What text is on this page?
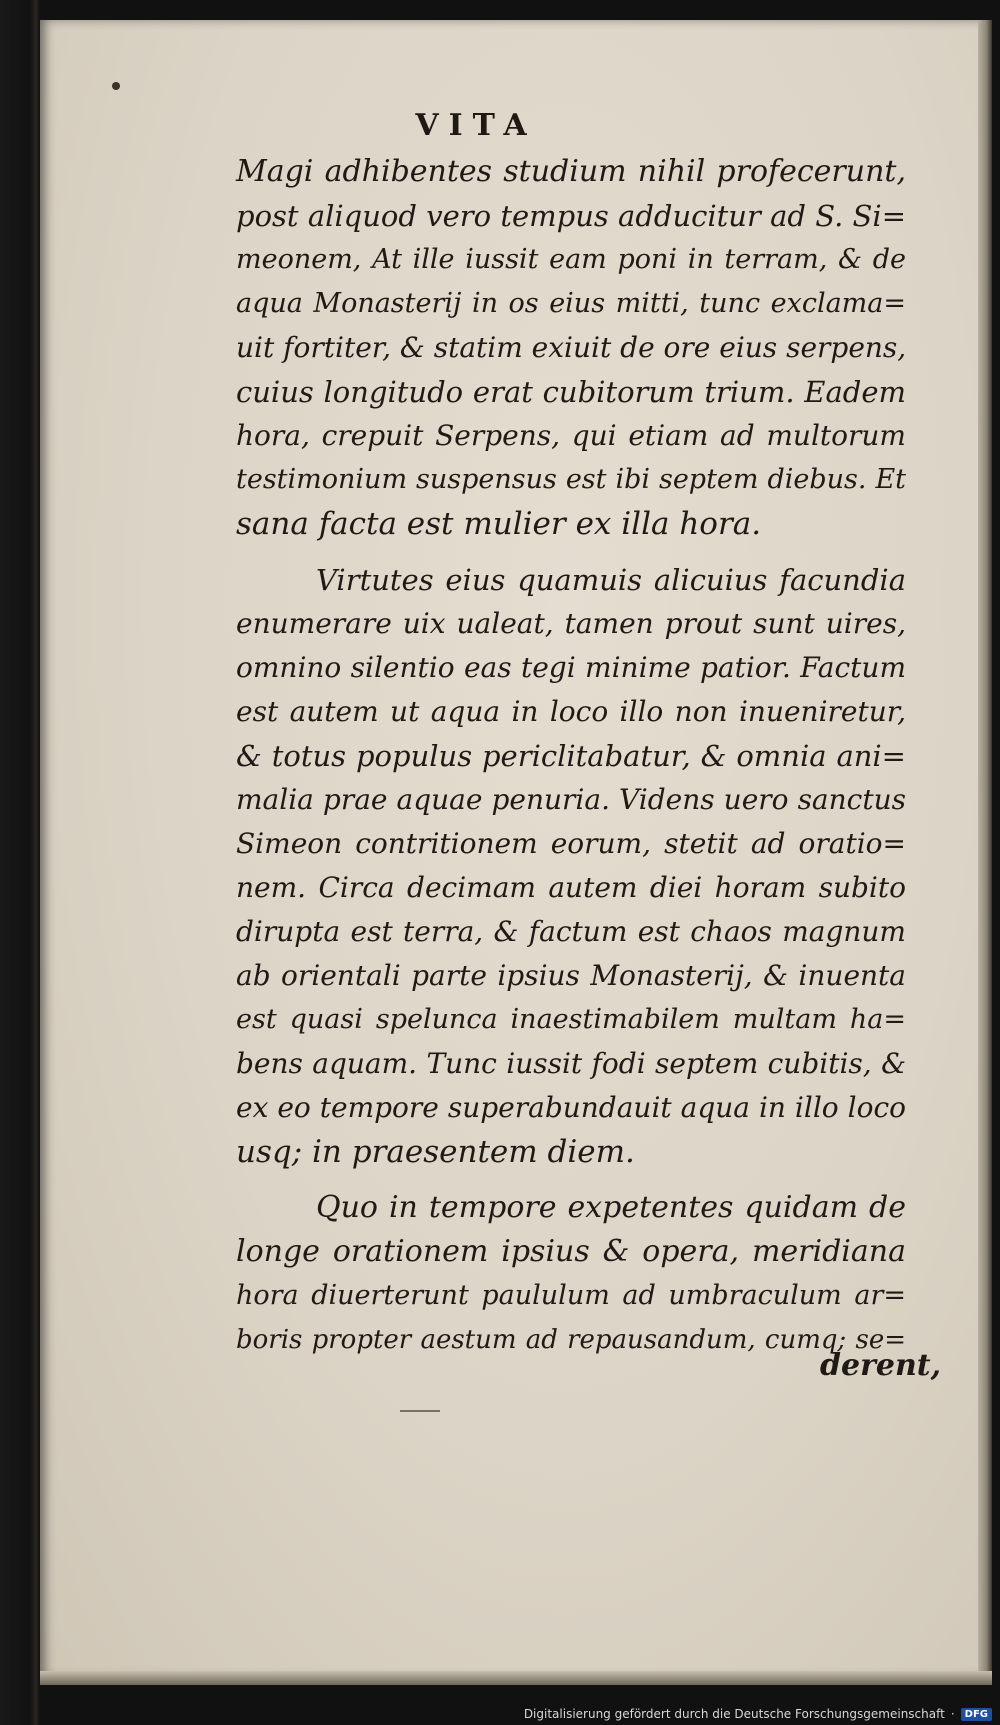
VITA
Magi adhibentes studium nihil profecerunt,
post aliquod vero tempus adducitur ad S. Si=
meonem, At ille iussit eam poni in terram, & de
aqua Monasterij in os eius mitti, tunc exclama=
uit fortiter, & statim exiuit de ore eius serpens,
cuius longitudo erat cubitorum trium. Eadem
hora, crepuit Serpens, qui etiam ad multorum
testimonium suspensus est ibi septem diebus. Et
sana facta est mulier ex illa hora.
Virtutes eius quamuis alicuius facundia
enumerare uix ualeat, tamen prout sunt uires,
omnino silentio eas tegi minime patior. Factum
est autem ut aqua in loco illo non inueniretur,
& totus populus periclitabatur, & omnia ani=
malia prae aquae penuria. Videns uero sanctus
Simeon contritionem eorum, stetit ad oratio=
nem. Circa decimam autem diei horam subito
dirupta est terra, & factum est chaos magnum
ab orientali parte ipsius Monasterij, & inuenta
est quasi spelunca inaestimabilem multam ha=
bens aquam. Tunc iussit fodi septem cubitis, &
ex eo tempore superabundauit aqua in illo loco
usq; in praesentem diem.
Quo in tempore expetentes quidam de
longe orationem ipsius & opera, meridiana
hora diuerterunt paululum ad umbraculum ar=
boris propter aestum ad repausandum, cumq; se=
derent,
Digitalisierung gefördert durch die Deutsche Forschungsgemeinschaft ·	DFG
